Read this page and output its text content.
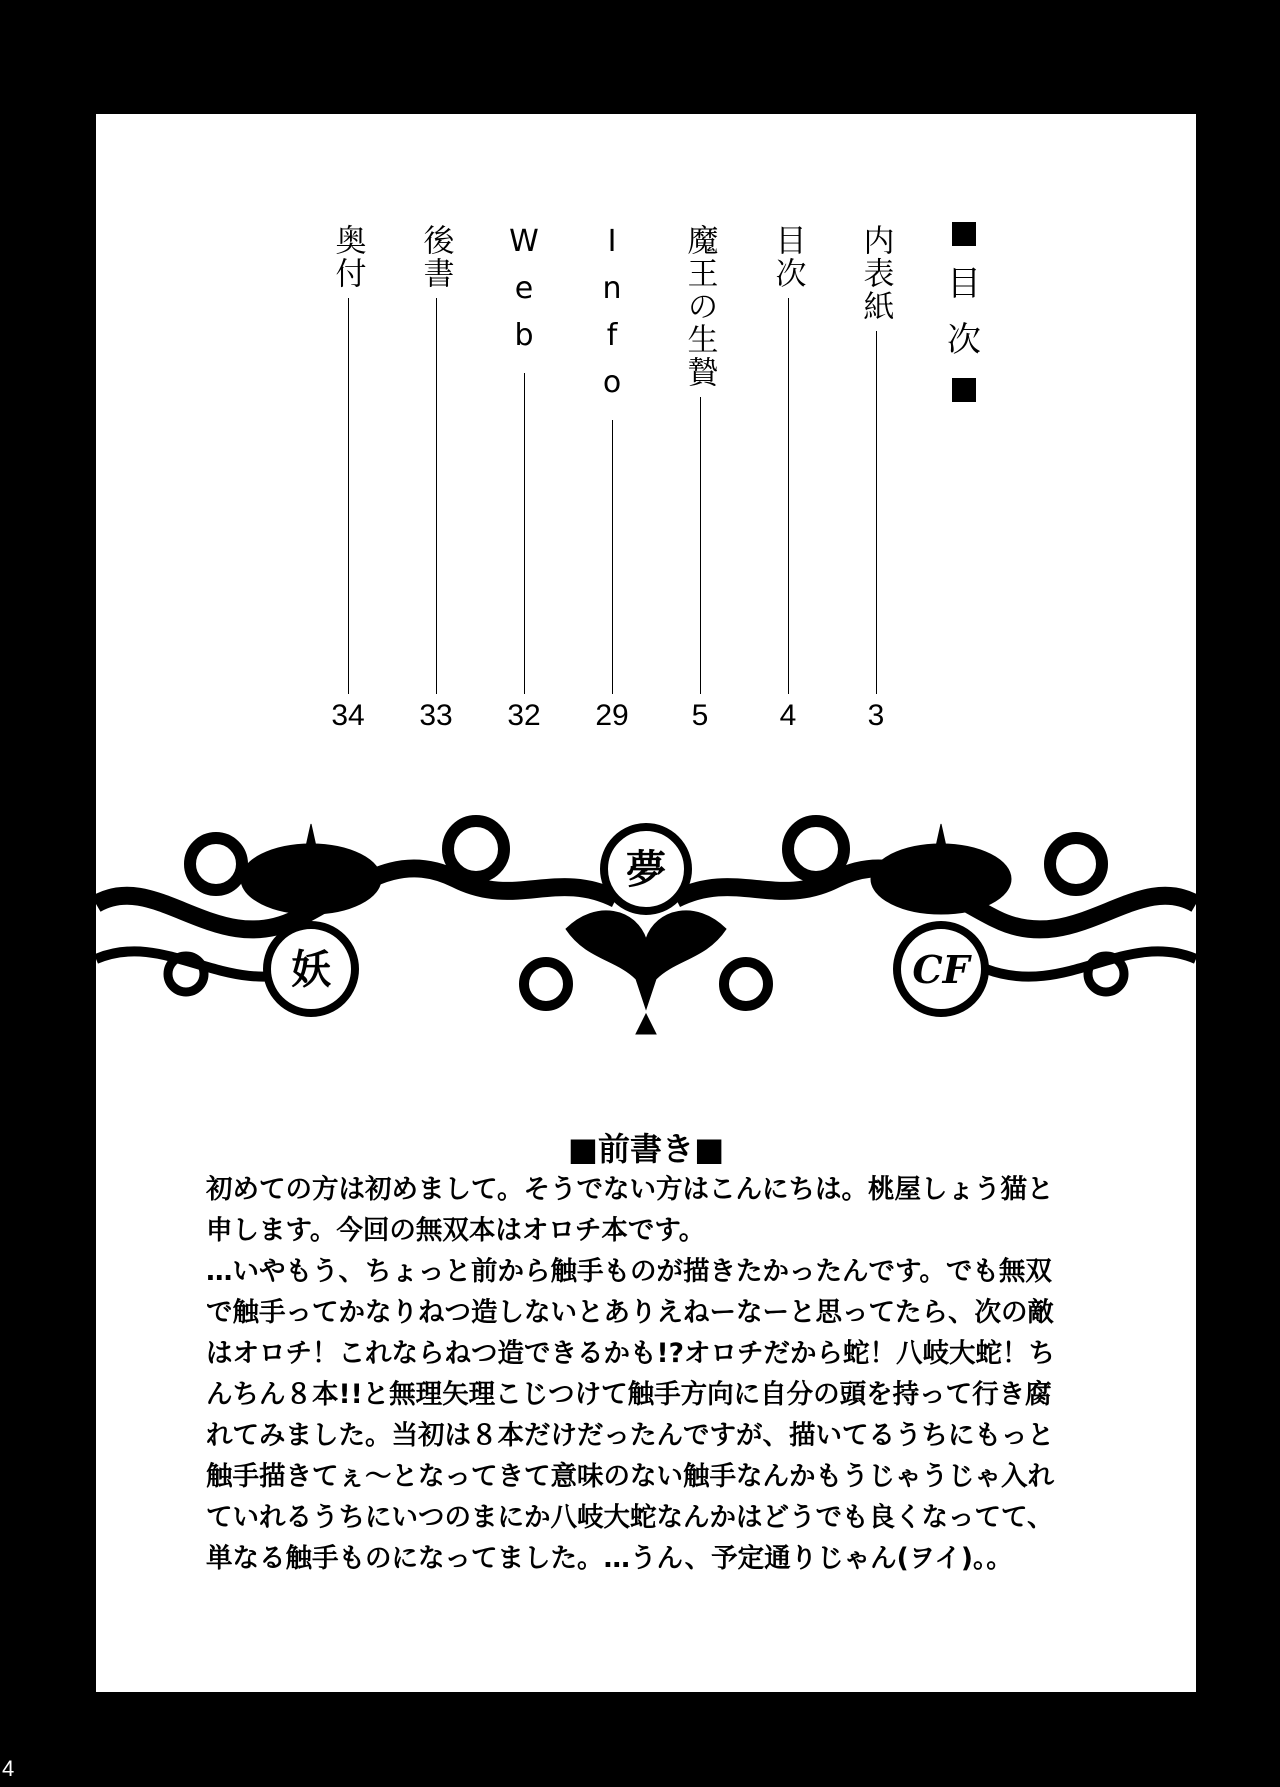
目
次
内表紙
3
目次
4
魔王の生贄
5
Info
29
Web
32
後書
33
奥付
34
妖
夢
CF
■前書き■

初めての方は初めまして。そうでない方はこんにちは。桃屋しょう猫と

申します。今回の無双本はオロチ本です。

…いやもう、ちょっと前から触手ものが描きたかったんです。でも無双

で触手ってかなりねつ造しないとありえねーなーと思ってたら、次の敵

はオロチ！これならねつ造できるかも!?オロチだから蛇！八岐大蛇！ち

んちん８本!!と無理矢理こじつけて触手方向に自分の頭を持って行き腐

れてみました。当初は８本だけだったんですが、描いてるうちにもっと

触手描きてぇ～となってきて意味のない触手なんかもうじゃうじゃ入れ

ていれるうちにいつのまにか八岐大蛇なんかはどうでも良くなってて、

単なる触手ものになってました。…うん、予定通りじゃん(ヲイ)。。

4
